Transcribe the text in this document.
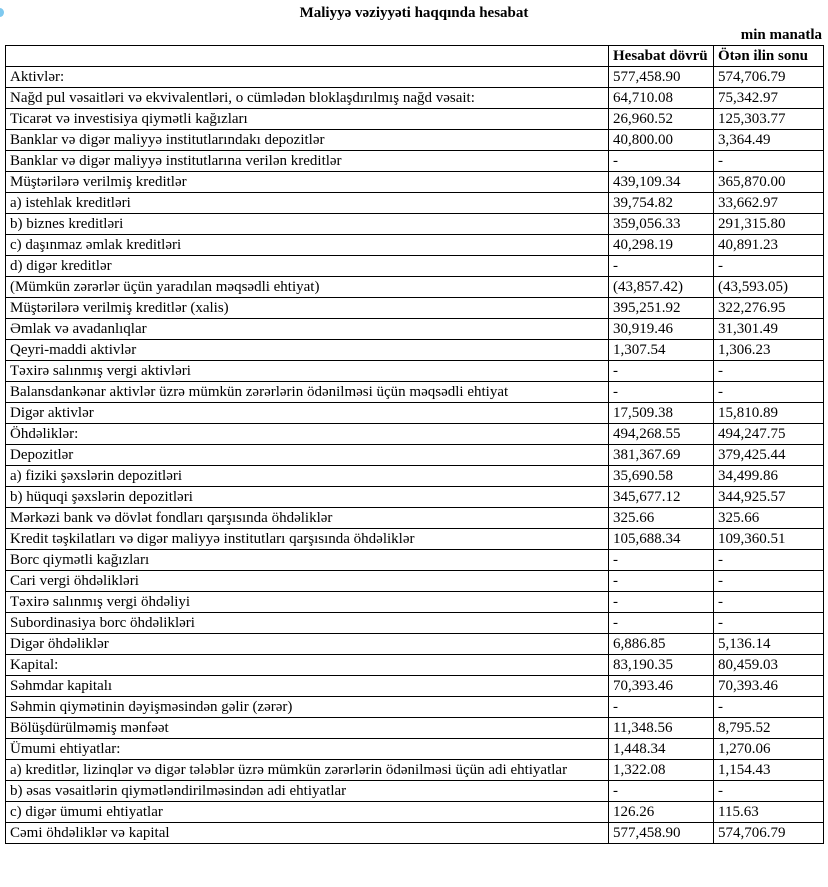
Maliyyə vəziyyəti haqqında hesabat
min manatla
	Hesabat dövrü	Ötən ilin sonu
Aktivlər:	577,458.90	574,706.79
Nağd pul vəsaitləri və ekvivalentləri, o cümlədən bloklaşdırılmış nağd vəsait:	64,710.08	75,342.97
Ticarət və investisiya qiymətli kağızları	26,960.52	125,303.77
Banklar və digər maliyyə institutlarındakı depozitlər	40,800.00	3,364.49
Banklar və digər maliyyə institutlarına verilən kreditlər	-	-
Müştərilərə verilmiş kreditlər	439,109.34	365,870.00
a) istehlak kreditləri	39,754.82	33,662.97
b) biznes kreditləri	359,056.33	291,315.80
c) daşınmaz əmlak kreditləri	40,298.19	40,891.23
d) digər kreditlər	-	-
(Mümkün zərərlər üçün yaradılan məqsədli ehtiyat)	(43,857.42)	(43,593.05)
Müştərilərə verilmiş kreditlər (xalis)	395,251.92	322,276.95
Əmlak və avadanlıqlar	30,919.46	31,301.49
Qeyri-maddi aktivlər	1,307.54	1,306.23
Təxirə salınmış vergi aktivləri	-	-
Balansdankənar aktivlər üzrə mümkün zərərlərin ödənilməsi üçün məqsədli ehtiyat	-	-
Digər aktivlər	17,509.38	15,810.89
Öhdəliklər:	494,268.55	494,247.75
Depozitlər	381,367.69	379,425.44
a) fiziki şəxslərin depozitləri	35,690.58	34,499.86
b) hüquqi şəxslərin depozitləri	345,677.12	344,925.57
Mərkəzi bank və dövlət fondları qarşısında öhdəliklər	325.66	325.66
Kredit təşkilatları və digər maliyyə institutları qarşısında öhdəliklər	105,688.34	109,360.51
Borc qiymətli kağızları	-	-
Cari vergi öhdəlikləri	-	-
Təxirə salınmış vergi öhdəliyi	-	-
Subordinasiya borc öhdəlikləri	-	-
Digər öhdəliklər	6,886.85	5,136.14
Kapital:	83,190.35	80,459.03
Səhmdar kapitalı	70,393.46	70,393.46
Səhmin qiymətinin dəyişməsindən gəlir (zərər)	-	-
Bölüşdürülməmiş mənfəət	11,348.56	8,795.52
Ümumi ehtiyatlar:	1,448.34	1,270.06
a) kreditlər, lizinqlər və digər tələblər üzrə mümkün zərərlərin ödənilməsi üçün adi ehtiyatlar	1,322.08	1,154.43
b) əsas vəsaitlərin qiymətləndirilməsindən adi ehtiyatlar	-	-
c) digər ümumi ehtiyatlar	126.26	115.63
Cəmi öhdəliklər və kapital	577,458.90	574,706.79
